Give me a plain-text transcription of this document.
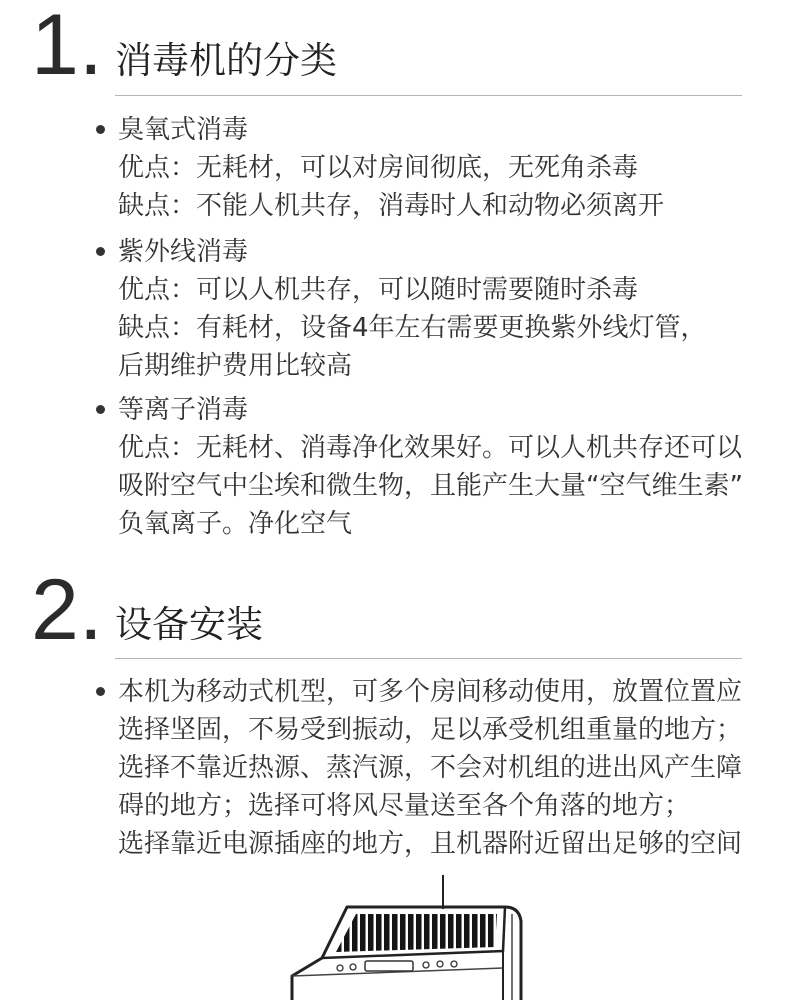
1. 消毒机的分类
臭氧式消毒
优点：无耗材，可以对房间彻底，无死角杀毒
缺点：不能人机共存，消毒时人和动物必须离开
紫外线消毒
优点：可以人机共存，可以随时需要随时杀毒
缺点：有耗材，设备4年左右需要更换紫外线灯管，
后期维护费用比较高
等离子消毒
优点：无耗材、消毒净化效果好。可以人机共存还可以
吸附空气中尘埃和微生物，且能产生大量“空气维生素”
负氧离子。净化空气
2. 设备安装
本机为移动式机型，可多个房间移动使用，放置位置应
选择坚固，不易受到振动，足以承受机组重量的地方；
选择不靠近热源、蒸汽源，不会对机组的进出风产生障
碍的地方；选择可将风尽量送至各个角落的地方；
选择靠近电源插座的地方，且机器附近留出足够的空间
